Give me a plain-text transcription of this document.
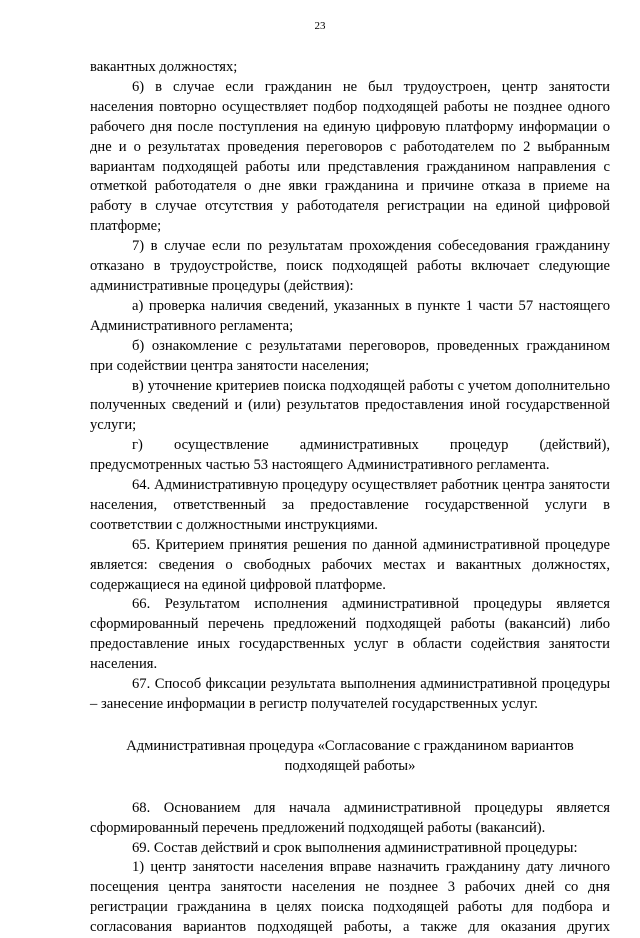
23

вакантных должностях;

6) в случае если гражданин не был трудоустроен, центр занятости населения повторно осуществляет подбор подходящей работы не позднее одного рабочего дня после поступления на единую цифровую платформу информации о дне и о результатах проведения переговоров с работодателем по 2 выбранным вариантам подходящей работы или представления гражданином направления с отметкой работодателя о дне явки гражданина и причине отказа в приеме на работу в случае отсутствия у работодателя регистрации на единой цифровой платформе;

7) в случае если по результатам прохождения собеседования гражданину отказано в трудоустройстве, поиск подходящей работы включает следующие административные процедуры (действия):

а) проверка наличия сведений, указанных в пункте 1 части 57 настоящего Административного регламента;

б) ознакомление с результатами переговоров, проведенных гражданином при содействии центра занятости населения;

в) уточнение критериев поиска подходящей работы с учетом дополнительно полученных сведений и (или) результатов предоставления иной государственной услуги;

г) осуществление административных процедур (действий), предусмотренных частью 53 настоящего Административного регламента.

64. Административную процедуру осуществляет работник центра занятости населения, ответственный за предоставление государственной услуги в соответствии с должностными инструкциями.

65. Критерием принятия решения по данной административной процедуре является: сведения о свободных рабочих местах и вакантных должностях, содержащиеся на единой цифровой платформе.

66. Результатом исполнения административной процедуры является сформированный перечень предложений подходящей работы (вакансий) либо предоставление иных государственных услуг в области содействия занятости населения.

67. Способ фиксации результата выполнения административной процедуры – занесение информации в регистр получателей государственных услуг.

Административная процедура «Согласование с гражданином вариантов подходящей работы»

68. Основанием для начала административной процедуры является сформированный перечень предложений подходящей работы (вакансий).

69. Состав действий и срок выполнения административной процедуры:

1) центр занятости населения вправе назначить гражданину дату личного посещения центра занятости населения не позднее 3 рабочих дней со дня регистрации гражданина в целях поиска подходящей работы для подбора и согласования вариантов подходящей работы, а также для оказания других
